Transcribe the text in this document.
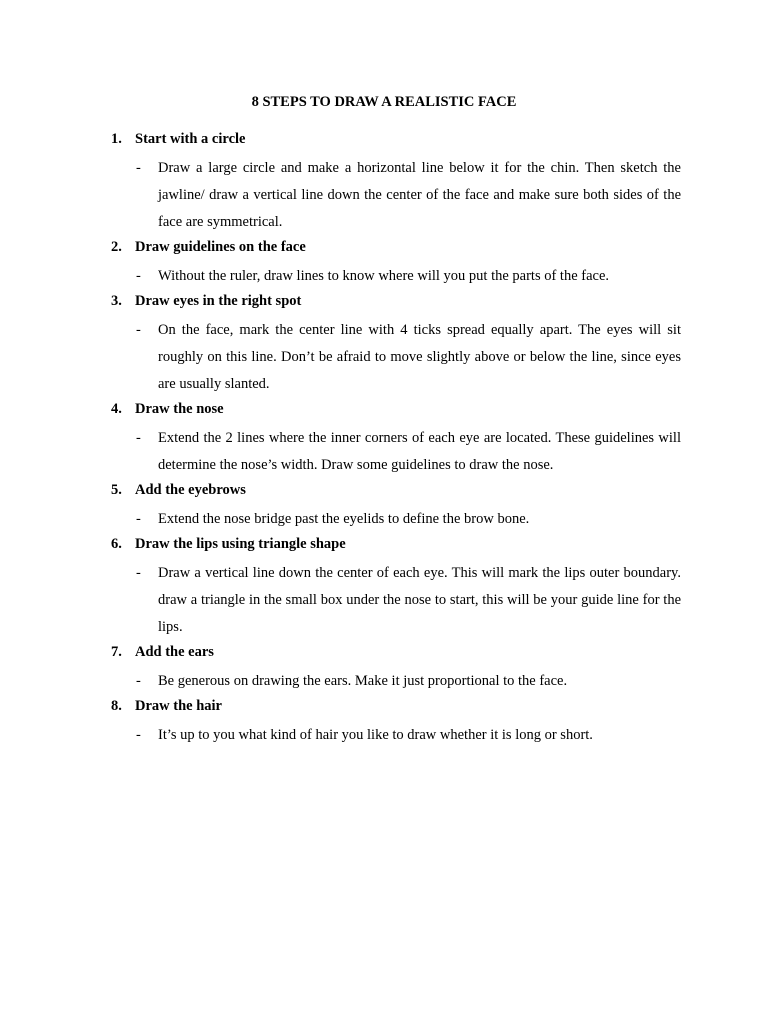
8 STEPS TO DRAW A REALISTIC FACE
1. Start with a circle
- Draw a large circle and make a horizontal line below it for the chin. Then sketch the jawline/ draw a vertical line down the center of the face and make sure both sides of the face are symmetrical.
2. Draw guidelines on the face
- Without the ruler, draw lines to know where will you put the parts of the face.
3. Draw eyes in the right spot
- On the face, mark the center line with 4 ticks spread equally apart. The eyes will sit roughly on this line. Don’t be afraid to move slightly above or below the line, since eyes are usually slanted.
4. Draw the nose
- Extend the 2 lines where the inner corners of each eye are located. These guidelines will determine the nose’s width. Draw some guidelines to draw the nose.
5. Add the eyebrows
- Extend the nose bridge past the eyelids to define the brow bone.
6. Draw the lips using triangle shape
- Draw a vertical line down the center of each eye. This will mark the lips outer boundary. draw a triangle in the small box under the nose to start, this will be your guide line for the lips.
7. Add the ears
- Be generous on drawing the ears. Make it just proportional to the face.
8. Draw the hair
- It’s up to you what kind of hair you like to draw whether it is long or short.
